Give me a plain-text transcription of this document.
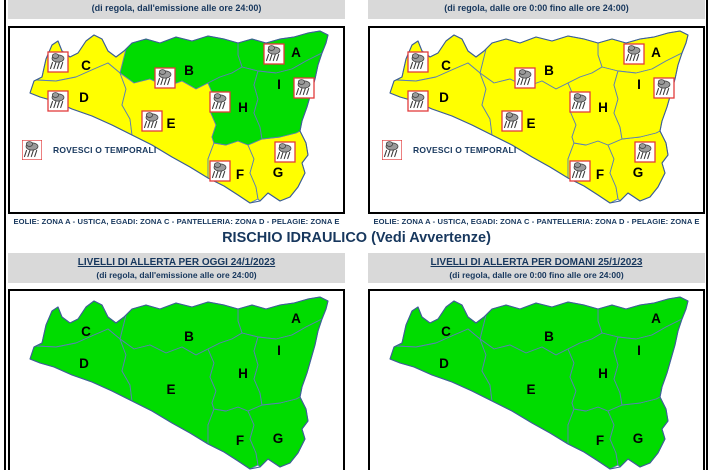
(di regola, dall'emissione alle ore 24:00)
A
B
C
D
E
F G
H
I
ROVESCI O TEMPORALI
EOLIE: ZONA A - USTICA, EGADI: ZONA C - PANTELLERIA: ZONA D - PELAGIE: ZONA E
(di regola, dalle ore 0:00 fino alle ore 24:00)
A
B
C
D
E
F G
H
I
ROVESCI O TEMPORALI
EOLIE: ZONA A - USTICA, EGADI: ZONA C - PANTELLERIA: ZONA D - PELAGIE: ZONA E
RISCHIO IDRAULICO (Vedi Avvertenze)
LIVELLI DI ALLERTA PER OGGI 24/1/2023
(di regola, dall'emissione alle ore 24:00)
A
B
C
D
E
F G
H
I
LIVELLI DI ALLERTA PER DOMANI 25/1/2023
(di regola, dalle ore 0:00 fino alle ore 24:00)
A
B
C
D
E
F G
H
I
